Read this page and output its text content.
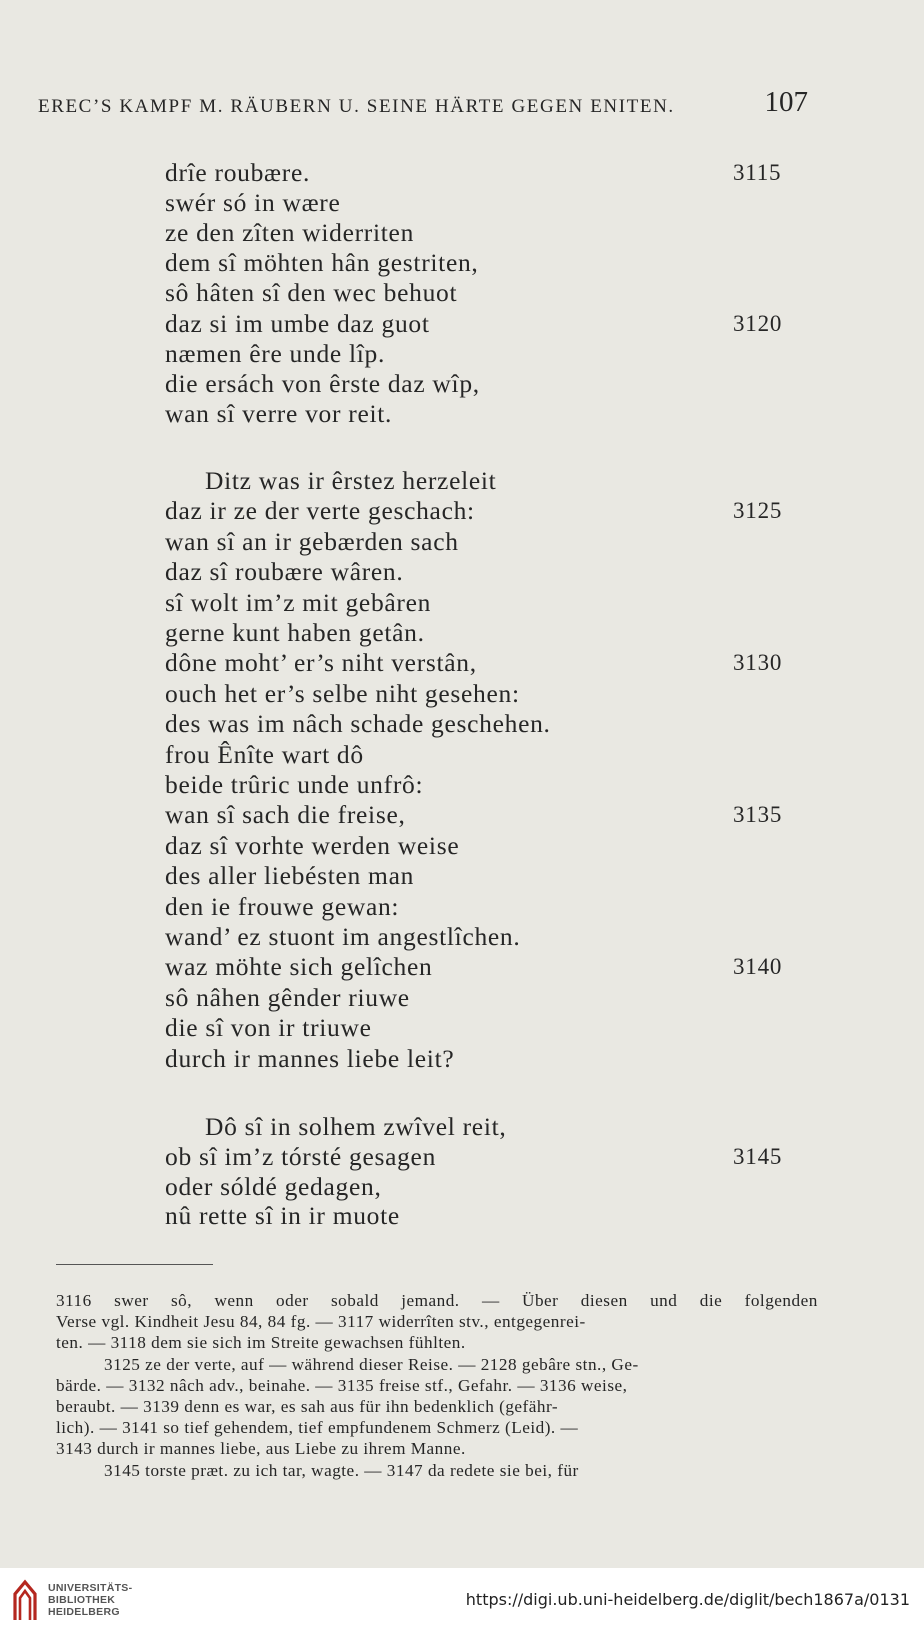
EREC’S KAMPF M. RÄUBERN U. SEINE HÄRTE GEGEN ENITEN.	107
drîe roubære.	3115
swér só in wære
ze den zîten widerriten
dem sî möhten hân gestriten,
sô hâten sî den wec behuot
daz si im umbe daz guot	3120
næmen êre unde lîp.
die ersách von êrste daz wîp,
wan sî verre vor reit.
Ditz was ir êrstez herzeleit
daz ir ze der verte geschach:	3125
wan sî an ir gebærden sach
daz sî roubære wâren.
sî wolt im’z mit gebâren
gerne kunt haben getân.
dône moht’ er’s niht verstân,	3130
ouch het er’s selbe niht gesehen:
des was im nâch schade geschehen.
frou Ênîte wart dô
beide trûric unde unfrô:
wan sî sach die freise,	3135
daz sî vorhte werden weise
des aller liebésten man
den ie frouwe gewan:
wand’ ez stuont im angestlîchen.
waz möhte sich gelîchen	3140
sô nâhen gênder riuwe
die sî von ir triuwe
durch ir mannes liebe leit?
Dô sî in solhem zwîvel reit,
ob sî im’z tórsté gesagen	3145
oder sóldé gedagen,
nû rette sî in ir muote
3116 swer sô, wenn oder sobald jemand. — Über diesen und die folgenden
Verse vgl. Kindheit Jesu 84, 84 fg. — 3117 widerrîten stv., entgegenrei-
ten. — 3118 dem sie sich im Streite gewachsen fühlten.
3125 ze der verte, auf — während dieser Reise. — 2128 gebâre stn., Ge-
bärde. — 3132 nâch adv., beinahe. — 3135 freise stf., Gefahr. — 3136 weise,
beraubt. — 3139 denn es war, es sah aus für ihn bedenklich (gefähr-
lich). — 3141 so tief gehendem, tief empfundenem Schmerz (Leid). —
3143 durch ir mannes liebe, aus Liebe zu ihrem Manne.
3145 torste præt. zu ich tar, wagte. — 3147 da redete sie bei, für
UNIVERSITÄTS-
BIBLIOTHEK
HEIDELBERG
https://digi.ub.uni-heidelberg.de/diglit/bech1867a/0131
